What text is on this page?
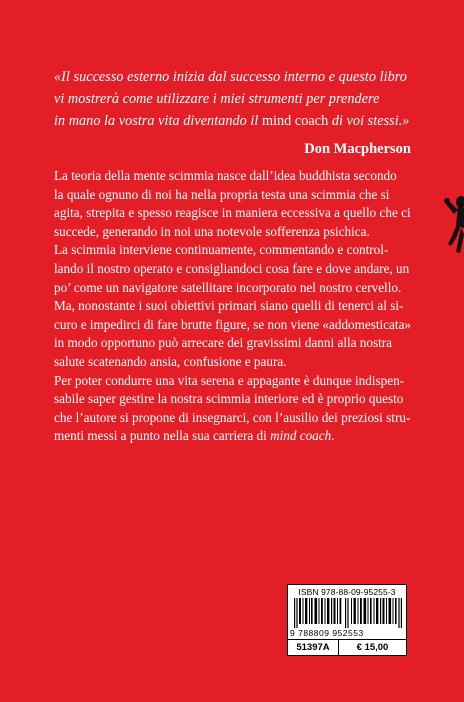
«Il successo esterno inizia dal successo interno e questo libro
vi mostrerà come utilizzare i miei strumenti per prendere
in mano la vostra vita diventando il mind coach di voi stessi.»
Don Macpherson
La teoria della mente scimmia nasce dall’idea buddhista secondo
la quale ognuno di noi ha nella propria testa una scimmia che si
agita, strepita e spesso reagisce in maniera eccessiva a quello che ci
succede, generando in noi una notevole sofferenza psichica.
La scimmia interviene continuamente, commentando e control-
lando il nostro operato e consigliandoci cosa fare e dove andare, un
po’ come un navigatore satellitare incorporato nel nostro cervello.
Ma, nonostante i suoi obiettivi primari siano quelli di tenerci al si-
curo e impedirci di fare brutte figure, se non viene «addomesticata»
in modo opportuno può arrecare dei gravissimi danni alla nostra
salute scatenando ansia, confusione e paura.
Per poter condurre una vita serena e appagante è dunque indispen-
sabile saper gestire la nostra scimmia interiore ed è proprio questo
che l’autore si propone di insegnarci, con l’ausilio dei preziosi stru-
menti messi a punto nella sua carriera di mind coach.
ISBN 978-88-09-95255-3
9 788809 952553
51397A	€ 15,00
